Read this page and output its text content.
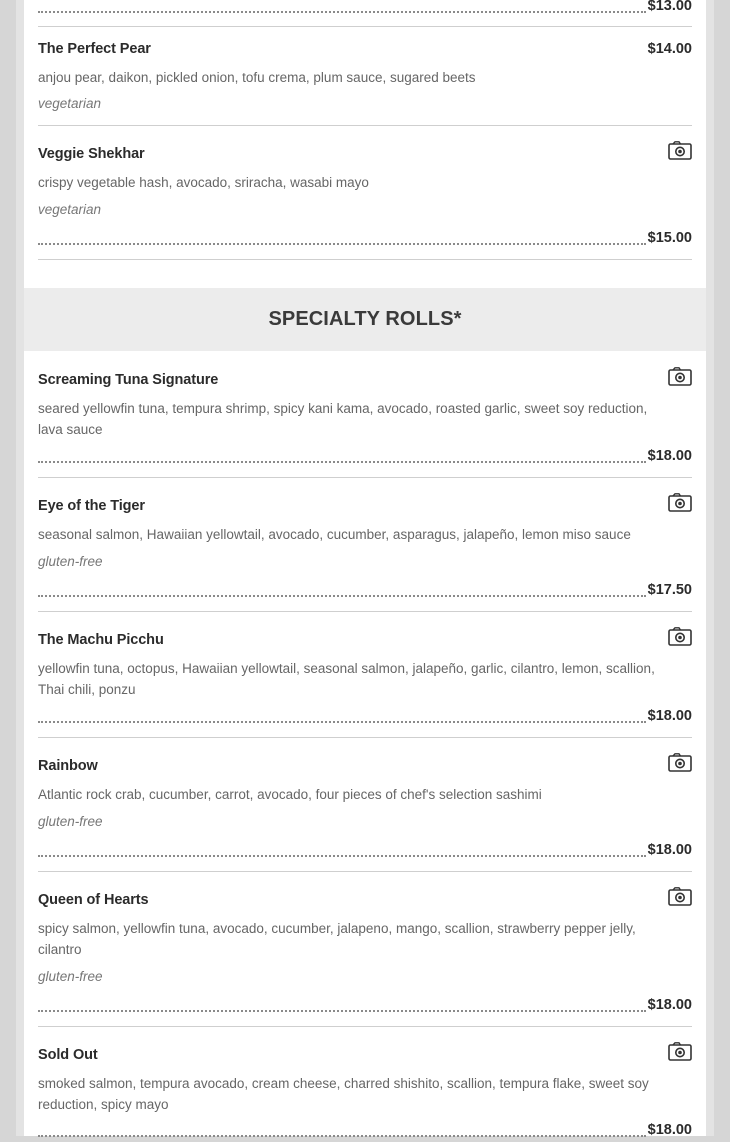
$13.00
The Perfect Pear	$14.00
anjou pear, daikon, pickled onion, tofu crema, plum sauce, sugared beets
vegetarian
Veggie Shekhar
crispy vegetable hash, avocado, sriracha, wasabi mayo
vegetarian
$15.00
SPECIALTY ROLLS*
Screaming Tuna Signature
seared yellowfin tuna, tempura shrimp, spicy kani kama, avocado, roasted garlic, sweet soy reduction,
lava sauce
$18.00
Eye of the Tiger
seasonal salmon, Hawaiian yellowtail, avocado, cucumber, asparagus, jalapeño, lemon miso sauce
gluten-free
$17.50
The Machu Picchu
yellowfin tuna, octopus, Hawaiian yellowtail, seasonal salmon, jalapeño, garlic, cilantro, lemon, scallion,
Thai chili, ponzu
$18.00
Rainbow
Atlantic rock crab, cucumber, carrot, avocado, four pieces of chef's selection sashimi
gluten-free
$18.00
Queen of Hearts
spicy salmon, yellowfin tuna, avocado, cucumber, jalapeno, mango, scallion, strawberry pepper jelly,
cilantro
gluten-free
$18.00
Sold Out
smoked salmon, tempura avocado, cream cheese, charred shishito, scallion, tempura flake, sweet soy
reduction, spicy mayo
$18.00
